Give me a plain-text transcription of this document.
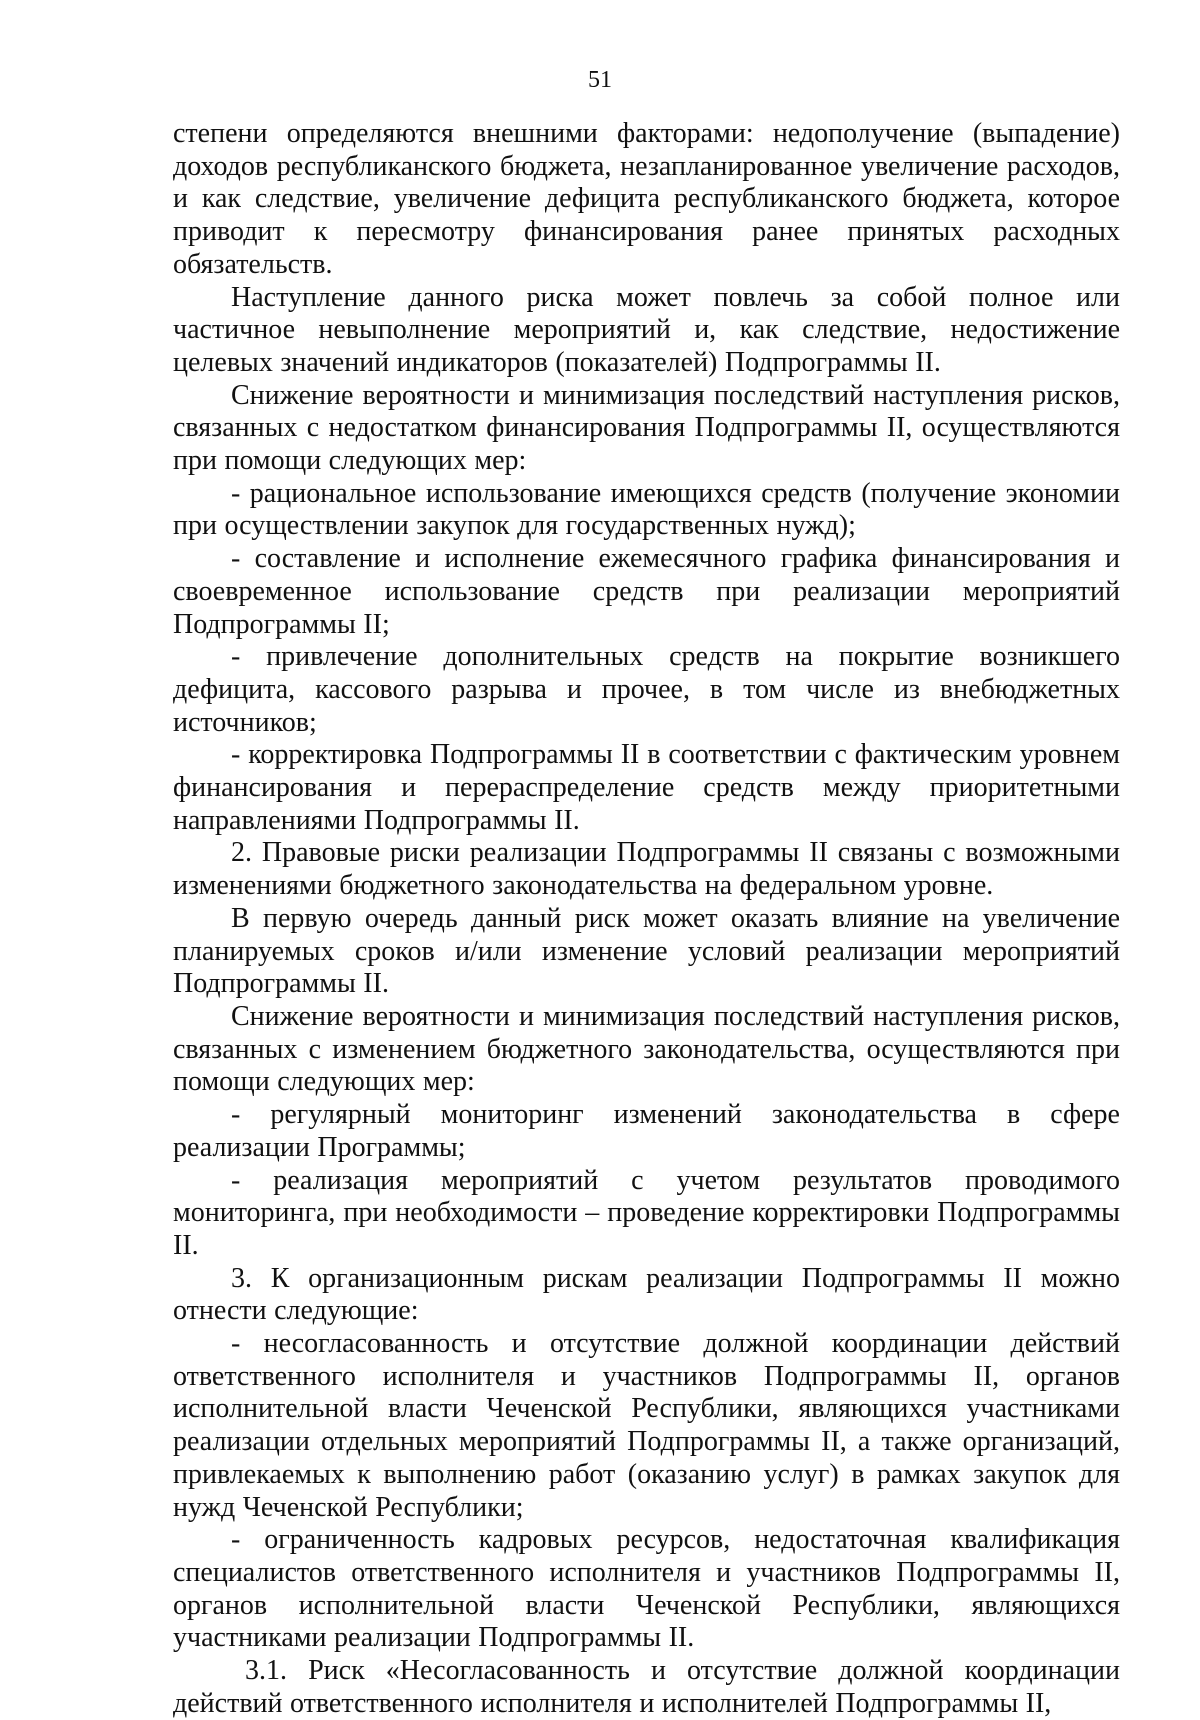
51

степени определяются внешними факторами: недополучение (выпадение) доходов республиканского бюджета, незапланированное увеличение расходов, и как следствие, увеличение дефицита республиканского бюджета, которое приводит к пересмотру финансирования ранее принятых расходных обязательств.

Наступление данного риска может повлечь за собой полное или частичное невыполнение мероприятий и, как следствие, недостижение целевых значений индикаторов (показателей) Подпрограммы II.

Снижение вероятности и минимизация последствий наступления рисков, связанных с недостатком финансирования Подпрограммы II, осуществляются при помощи следующих мер:

- рациональное использование имеющихся средств (получение экономии при осуществлении закупок для государственных нужд);

- составление и исполнение ежемесячного графика финансирования и своевременное использование средств при реализации мероприятий Подпрограммы II;

- привлечение дополнительных средств на покрытие возникшего дефицита, кассового разрыва и прочее, в том числе из внебюджетных источников;

- корректировка Подпрограммы II в соответствии с фактическим уровнем финансирования и перераспределение средств между приоритетными направлениями Подпрограммы II.

2. Правовые риски реализации Подпрограммы II связаны с возможными изменениями бюджетного законодательства на федеральном уровне.

В первую очередь данный риск может оказать влияние на увеличение планируемых сроков и/или изменение условий реализации мероприятий Подпрограммы II.

Снижение вероятности и минимизация последствий наступления рисков, связанных с изменением бюджетного законодательства, осуществляются при помощи следующих мер:

- регулярный мониторинг изменений законодательства в сфере реализации Программы;

- реализация мероприятий с учетом результатов проводимого мониторинга, при необходимости – проведение корректировки Подпрограммы II.

3. К организационным рискам реализации Подпрограммы II можно отнести следующие:

- несогласованность и отсутствие должной координации действий ответственного исполнителя и участников Подпрограммы II, органов исполнительной власти Чеченской Республики, являющихся участниками реализации отдельных мероприятий Подпрограммы II, а также организаций, привлекаемых к выполнению работ (оказанию услуг) в рамках закупок для нужд Чеченской Республики;

- ограниченность кадровых ресурсов, недостаточная квалификация специалистов ответственного исполнителя и участников Подпрограммы II, органов исполнительной власти Чеченской Республики, являющихся участниками реализации Подпрограммы II.

3.1. Риск «Несогласованность и отсутствие должной координации действий ответственного исполнителя и исполнителей Подпрограммы II,
